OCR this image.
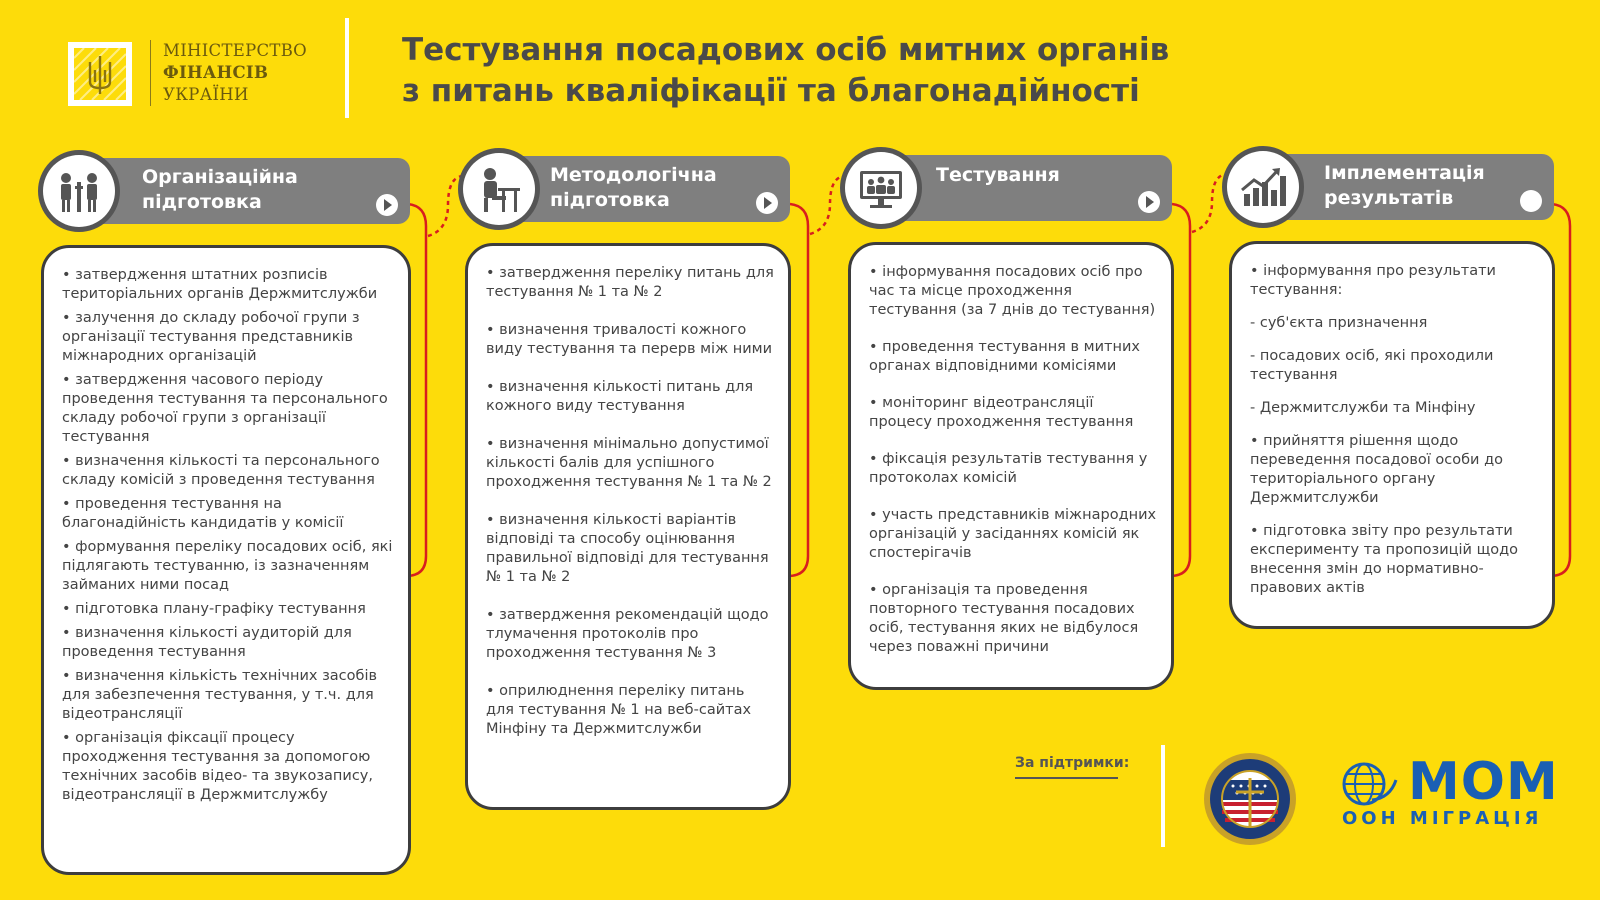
МІНІСТЕРСТВО
ФІНАНСІВ
УКРАЇНИ
Тестування посадових осіб митних органів
з питань кваліфікації та благонадійності
Організаційна
підготовка
• затвердження штатних розписів територіальних органів Держмитслужби
• залучення до складу робочої групи з організації тестування представників міжнародних організацій
• затвердження часового періоду проведення тестування та персонального складу робочої групи з організації тестування
• визначення кількості та персонального складу комісій з проведення тестування
• проведення тестування на благонадійність кандидатів у комісії
• формування переліку посадових осіб, які підлягають тестуванню, із зазначенням займаних ними посад
• підготовка плану-графіку тестування
• визначення кількості аудиторій для проведення тестування
• визначення кількість технічних засобів для забезпечення тестування, у т.ч. для відеотрансляції
• організація фіксації процесу проходження тестування за допомогою технічних засобів відео- та звукозапису, відеотрансляції в Держмитслужбу
Методологічна
підготовка
• затвердження переліку питань для тестування № 1 та № 2
• визначення тривалості кожного виду тестування та перерв між ними
• визначення кількості питань для кожного виду тестування
• визначення мінімально допустимої кількості балів для успішного проходження тестування № 1 та № 2
• визначення кількості варіантів відповіді та способу оцінювання правильної відповіді для тестування № 1 та № 2
• затвердження рекомендацій щодо тлумачення протоколів про проходження тестування № 3
• оприлюднення переліку питань для тестування № 1 на веб-сайтах Мінфіну та Держмитслужби
Тестування
• інформування посадових осіб про час та місце проходження тестування (за 7 днів до тестування)
• проведення тестування в митних органах відповідними комісіями
• моніторинг відеотрансляції процесу проходження тестування
• фіксація результатів тестування у протоколах комісій
• участь представників міжнародних організацій у засіданнях комісій як спостерігачів
• організація та проведення повторного тестування посадових осіб, тестування яких не відбулося через поважні причини
Імплементація
результатів
• інформування про результати тестування:
- суб'єкта призначення
- посадових осіб, які проходили тестування
- Держмитслужби та Мінфіну
• прийняття рішення щодо переведення посадової особи до територіального органу Держмитслужби
• підготовка звіту про результати експерименту та пропозицій щодо внесення змін до нормативно-правових актів
За підтримки:	МОМ
ООН МІГРАЦІЯ
